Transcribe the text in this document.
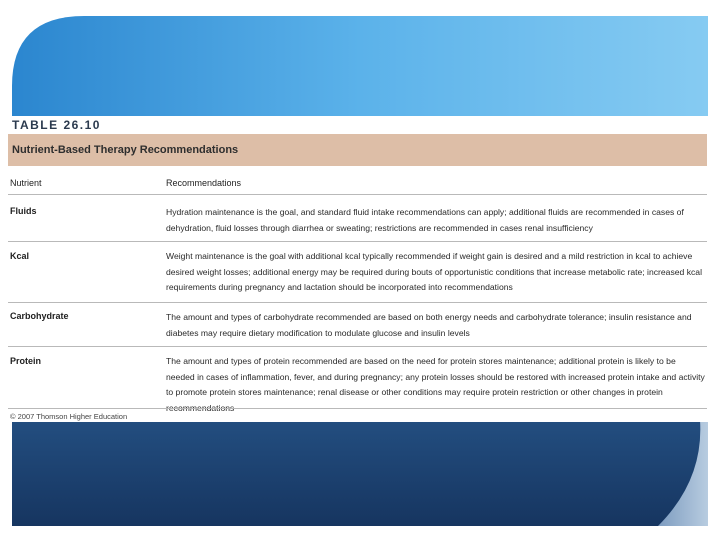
TABLE 26.10
Nutrient-Based Therapy Recommendations
Nutrient	Recommendations
Fluids	Hydration maintenance is the goal, and standard fluid intake recommendations can apply; additional fluids are recommended in cases of dehydration, fluid losses through diarrhea or sweating; restrictions are recommended in cases renal insufficiency
Kcal	Weight maintenance is the goal with additional kcal typically recommended if weight gain is desired and a mild restriction in kcal to achieve desired weight losses; additional energy may be required during bouts of opportunistic conditions that increase metabolic rate; increased kcal requirements during pregnancy and lactation should be incorporated into recommendations
Carbohydrate	The amount and types of carbohydrate recommended are based on both energy needs and carbohydrate tolerance; insulin resistance and diabetes may require dietary modification to modulate glucose and insulin levels
Protein	The amount and types of protein recommended are based on the need for protein stores maintenance; additional protein is likely to be needed in cases of inflammation, fever, and during pregnancy; any protein losses should be restored with increased protein intake and activity to promote protein stores maintenance; renal disease or other conditions may require protein restriction or other changes in protein
© 2007 Thomson Higher Education
